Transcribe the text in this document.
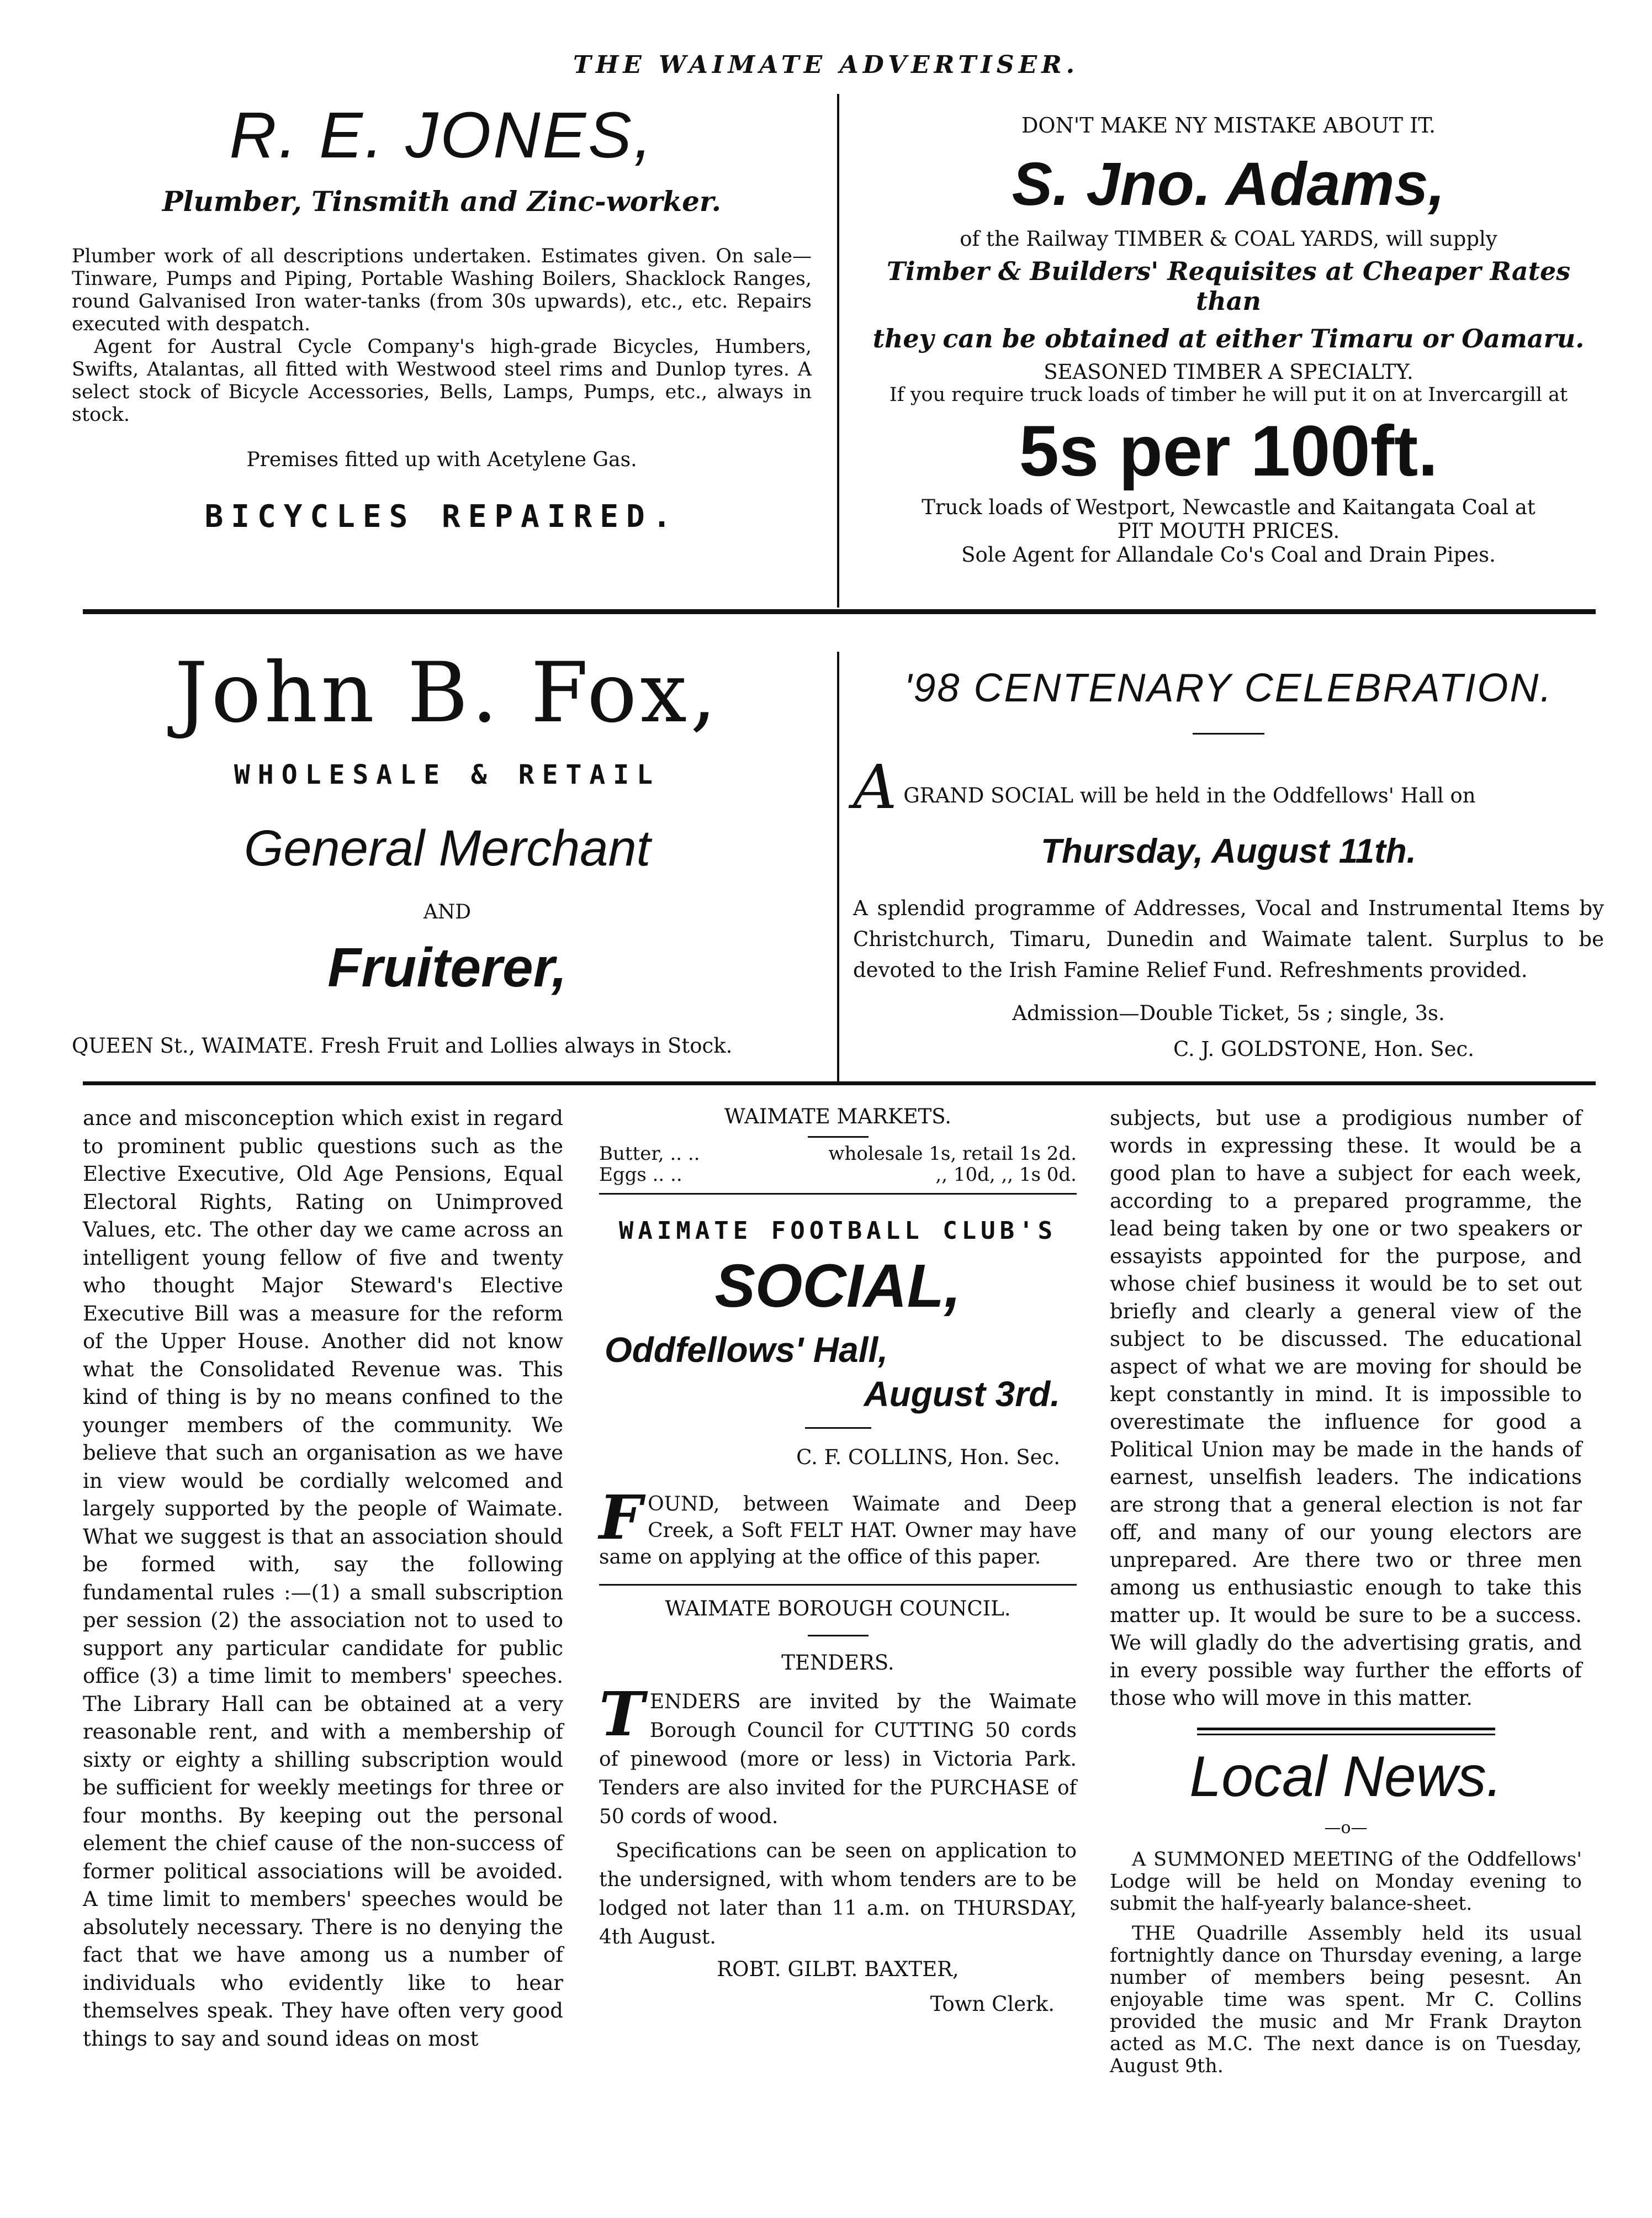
THE WAIMATE ADVERTISER.
R. E. JONES,
Plumber, Tinsmith and Zinc-worker.
Plumber work of all descriptions undertaken. Estimates given. On sale— Tinware, Pumps and Piping, Portable Washing Boilers, Shacklock Ranges, round Galvanised Iron water-tanks (from 30s upwards), etc., etc. Repairs executed with despatch.
Agent for Austral Cycle Company's high-grade Bicycles, Humbers, Swifts, Atalantas, all fitted with Westwood steel rims and Dunlop tyres. A select stock of Bicycle Accessories, Bells, Lamps, Pumps, etc., always in stock.
Premises fitted up with Acetylene Gas.
BICYCLES REPAIRED.
DON'T MAKE NY MISTAKE ABOUT IT.
S. Jno. Adams,
of the Railway TIMBER & COAL YARDS, will supply
Timber & Builders' Requisites at Cheaper Rates than
they can be obtained at either Timaru or Oamaru.
SEASONED TIMBER A SPECIALTY.
If you require truck loads of timber he will put it on at Invercargill at
5s per 100ft.
Truck loads of Westport, Newcastle and Kaitangata Coal at
PIT MOUTH PRICES.
Sole Agent for Allandale Co's Coal and Drain Pipes.
John B. Fox,
WHOLESALE & RETAIL
General Merchant
AND
Fruiterer,
QUEEN St., WAIMATE. Fresh Fruit and Lollies always in Stock.
'98 CENTENARY CELEBRATION.
A GRAND SOCIAL will be held in the Oddfellows' Hall on
Thursday, August 11th.
A splendid programme of Addresses, Vocal and Instrumental Items by Christchurch, Timaru, Dunedin and Waimate talent. Surplus to be devoted to the Irish Famine Relief Fund. Refreshments provided.
Admission—Double Ticket, 5s ; single, 3s.
C. J. GOLDSTONE, Hon. Sec.

ance and misconception which exist in regard to prominent public questions such as the Elective Executive, Old Age Pensions, Equal Electoral Rights, Rating on Unimproved Values, etc. The other day we came across an intelligent young fellow of five and twenty who thought Major Steward's Elective Executive Bill was a measure for the reform of the Upper House. Another did not know what the Consolidated Revenue was. This kind of thing is by no means confined to the younger members of the community. We believe that such an organisation as we have in view would be cordially welcomed and largely supported by the people of Waimate. What we suggest is that an association should be formed with, say the following fundamental rules :—(1) a small subscription per session (2) the association not to used to support any particular candidate for public office (3) a time limit to members' speeches. The Library Hall can be obtained at a very reasonable rent, and with a membership of sixty or eighty a shilling subscription would be sufficient for weekly meetings for three or four months. By keeping out the personal element the chief cause of the non-success of former political associations will be avoided. A time limit to members' speeches would be absolutely necessary. There is no denying the fact that we have among us a number of individuals who evidently like to hear themselves speak. They have often very good things to say and sound ideas on most

WAIMATE MARKETS.
Butter, .. ..	wholesale 1s, retail 1s 2d.
Eggs .. ..	,, 10d, ,, 1s 0d.
WAIMATE FOOTBALL CLUB'S
SOCIAL,
Oddfellows' Hall,
August 3rd.
C. F. COLLINS, Hon. Sec.
F OUND, between Waimate and Deep Creek, a Soft FELT HAT. Owner may have same on applying at the office of this paper.
WAIMATE BOROUGH COUNCIL.
TENDERS.
T ENDERS are invited by the Waimate Borough Council for CUTTING 50 cords of pinewood (more or less) in Victoria Park. Tenders are also invited for the PURCHASE of 50 cords of wood.
Specifications can be seen on application to the undersigned, with whom tenders are to be lodged not later than 11 a.m. on THURSDAY, 4th August.
ROBT. GILBT. BAXTER,
Town Clerk.
subjects, but use a prodigious number of words in expressing these. It would be a good plan to have a subject for each week, according to a prepared programme, the lead being taken by one or two speakers or essayists appointed for the purpose, and whose chief business it would be to set out briefly and clearly a general view of the subject to be discussed. The educational aspect of what we are moving for should be kept constantly in mind. It is impossible to overestimate the influence for good a Political Union may be made in the hands of earnest, unselfish leaders. The indications are strong that a general election is not far off, and many of our young electors are unprepared. Are there two or three men among us enthusiastic enough to take this matter up. It would be sure to be a success. We will gladly do the advertising gratis, and in every possible way further the efforts of those who will move in this matter.
Local News.
—o—
A SUMMONED MEETING of the Oddfellows' Lodge will be held on Monday evening to submit the half-yearly balance-sheet.
THE Quadrille Assembly held its usual fortnightly dance on Thursday evening, a large number of members being pesesnt. An enjoyable time was spent. Mr C. Collins provided the music and Mr Frank Drayton acted as M.C. The next dance is on Tuesday, August 9th.
